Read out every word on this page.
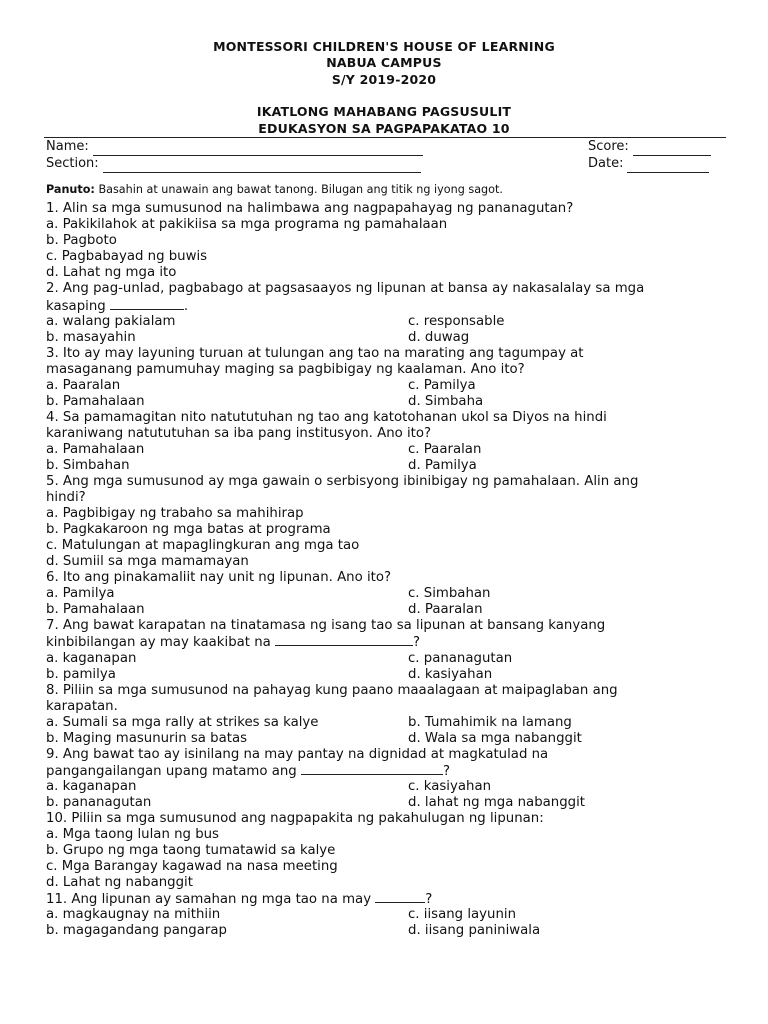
MONTESSORI CHILDREN'S HOUSE OF LEARNING
NABUA CAMPUS
S/Y 2019-2020
IKATLONG MAHABANG PAGSUSULIT
EDUKASYON SA PAGPAPAKATAO 10
Name:	Score:
Section:	Date:
Panuto: Basahin at unawain ang bawat tanong. Bilugan ang titik ng iyong sagot.
1. Alin sa mga sumusunod na halimbawa ang nagpapahayag ng pananagutan?
a. Pakikilahok at pakikiisa sa mga programa ng pamahalaan
b. Pagboto
c. Pagbabayad ng buwis
d. Lahat ng mga ito
2. Ang pag-unlad, pagbabago at pagsasaayos ng lipunan at bansa ay nakasalalay sa mga
kasaping	.
a. walang pakialam	c. responsable
b. masayahin	d. duwag
3. Ito ay may layuning turuan at tulungan ang tao na marating ang tagumpay at
masaganang pamumuhay maging sa pagbibigay ng kaalaman. Ano ito?
a. Paaralan	c. Pamilya
b. Pamahalaan	d. Simbaha
4. Sa pamamagitan nito natututuhan ng tao ang katotohanan ukol sa Diyos na hindi
karaniwang natututuhan sa iba pang institusyon. Ano ito?
a. Pamahalaan	c. Paaralan
b. Simbahan	d. Pamilya
5. Ang mga sumusunod ay mga gawain o serbisyong ibinibigay ng pamahalaan. Alin ang
hindi?
a. Pagbibigay ng trabaho sa mahihirap
b. Pagkakaroon ng mga batas at programa
c. Matulungan at mapaglingkuran ang mga tao
d. Sumiil sa mga mamamayan
6. Ito ang pinakamaliit nay unit ng lipunan. Ano ito?
a. Pamilya	c. Simbahan
b. Pamahalaan	d. Paaralan
7. Ang bawat karapatan na tinatamasa ng isang tao sa lipunan at bansang kanyang
kinbibilangan ay may kaakibat na	?
a. kaganapan	c. pananagutan
b. pamilya	d. kasiyahan
8. Piliin sa mga sumusunod na pahayag kung paano maaalagaan at maipaglaban ang
karapatan.
a. Sumali sa mga rally at strikes sa kalye	b. Tumahimik na lamang
b. Maging masunurin sa batas	d. Wala sa mga nabanggit
9. Ang bawat tao ay isinilang na may pantay na dignidad at magkatulad na
pangangailangan upang matamo ang	?
a. kaganapan	c. kasiyahan
b. pananagutan	d. lahat ng mga nabanggit
10. Piliin sa mga sumusunod ang nagpapakita ng pakahulugan ng lipunan:
a. Mga taong lulan ng bus
b. Grupo ng mga taong tumatawid sa kalye
c. Mga Barangay kagawad na nasa meeting
d. Lahat ng nabanggit
11. Ang lipunan ay samahan ng mga tao na may	?
a. magkaugnay na mithiin	c. iisang layunin
b. magagandang pangarap	d. iisang paniniwala
